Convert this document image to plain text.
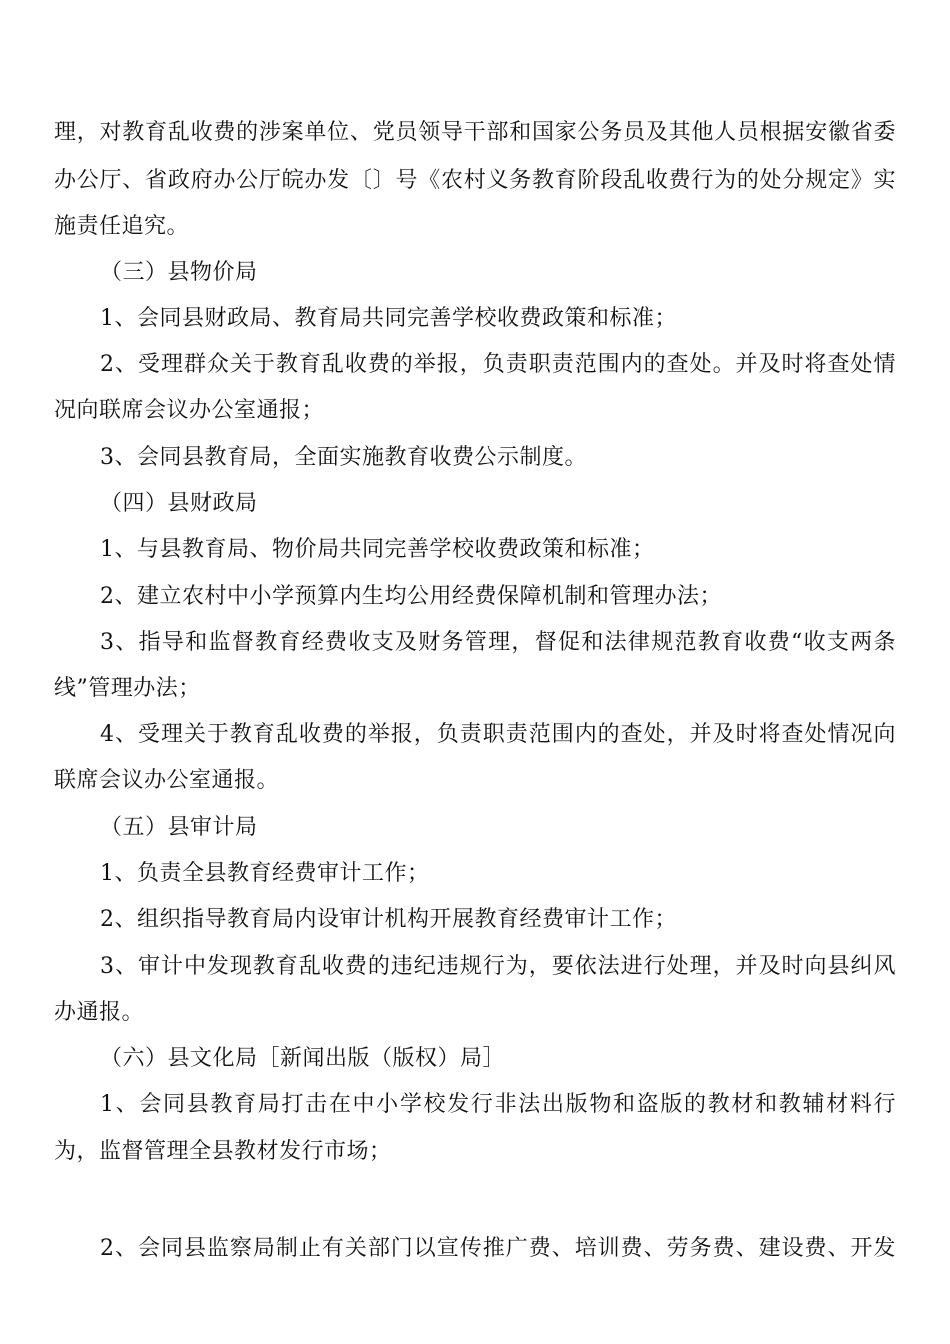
理，对教育乱收费的涉案单位、党员领导干部和国家公务员及其他人员根据安徽省委
办公厅、省政府办公厅皖办发〔〕号《农村义务教育阶段乱收费行为的处分规定》实
施责任追究。
（三）县物价局
1、会同县财政局、教育局共同完善学校收费政策和标准；
2、受理群众关于教育乱收费的举报，负责职责范围内的查处。并及时将查处情
况向联席会议办公室通报；
3、会同县教育局，全面实施教育收费公示制度。
（四）县财政局
1、与县教育局、物价局共同完善学校收费政策和标准；
2、建立农村中小学预算内生均公用经费保障机制和管理办法；
3、指导和监督教育经费收支及财务管理，督促和法律规范教育收费“收支两条
线”管理办法；
4、受理关于教育乱收费的举报，负责职责范围内的查处，并及时将查处情况向
联席会议办公室通报。
（五）县审计局
1、负责全县教育经费审计工作；
2、组织指导教育局内设审计机构开展教育经费审计工作；
3、审计中发现教育乱收费的违纪违规行为，要依法进行处理，并及时向县纠风
办通报。
（六）县文化局［新闻出版（版权）局］
1、会同县教育局打击在中小学校发行非法出版物和盗版的教材和教辅材料行
为，监督管理全县教材发行市场；
2、会同县监察局制止有关部门以宣传推广费、培训费、劳务费、建设费、开发
